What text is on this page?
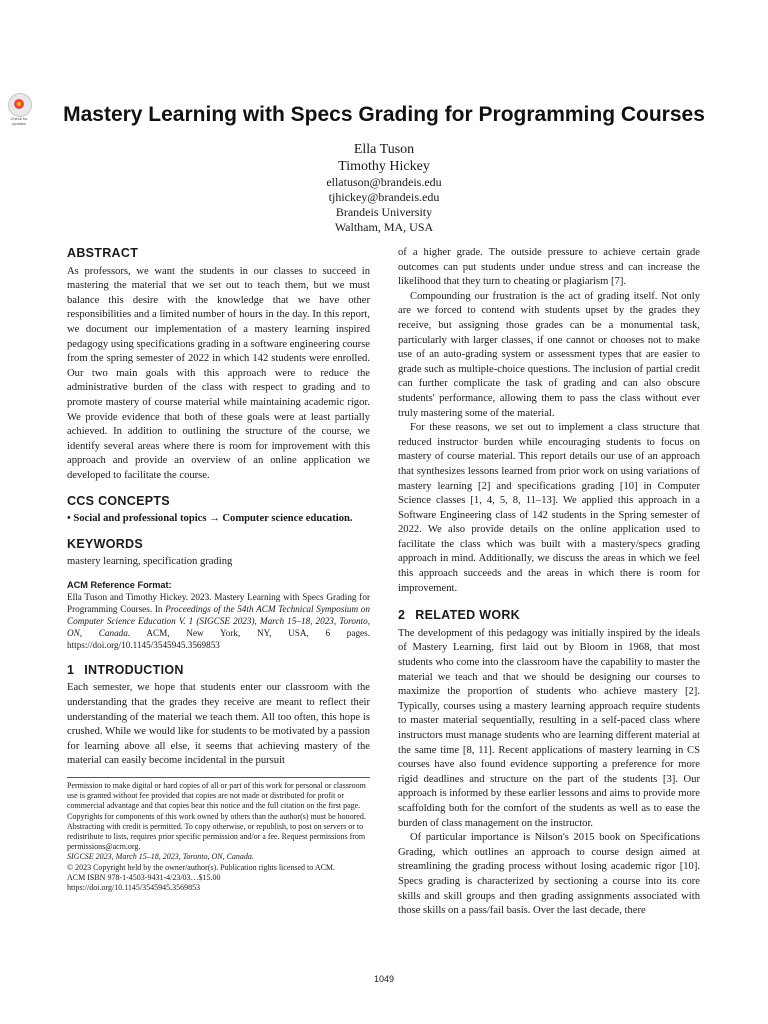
Check for updates	Mastery Learning with Specs Grading for Programming Courses
Ella Tuson
Timothy Hickey
ellatuson@brandeis.edu
tjhickey@brandeis.edu
Brandeis University
Waltham, MA, USA
ABSTRACT

As professors, we want the students in our classes to succeed in mastering the material that we set out to teach them, but we must balance this desire with the knowledge that we have other responsibilities and a limited number of hours in the day. In this report, we document our implementation of a mastery learning inspired pedagogy using specifications grading in a software engineering course from the spring semester of 2022 in which 142 students were enrolled. Our two main goals with this approach were to reduce the administrative burden of the class with respect to grading and to promote mastery of course material while maintaining academic rigor. We provide evidence that both of these goals were at least partially achieved. In addition to outlining the structure of the course, we identify several areas where there is room for improvement with this approach and provide an overview of an online application we developed to facilitate the course.

CCS CONCEPTS

• Social and professional topics → Computer science education.

KEYWORDS

mastery learning, specification grading

ACM Reference Format:

Ella Tuson and Timothy Hickey. 2023. Mastery Learning with Specs Grading for Programming Courses. In Proceedings of the 54th ACM Technical Symposium on Computer Science Education V. 1 (SIGCSE 2023), March 15–18, 2023, Toronto, ON, Canada. ACM, New York, NY, USA, 6 pages. https://doi.org/10.1145/3545945.3569853

1 INTRODUCTION

Each semester, we hope that students enter our classroom with the understanding that the grades they receive are meant to reflect their understanding of the material we teach them. All too often, this hope is crushed. While we would like for students to be motivated by a passion for learning above all else, it seems that achieving mastery of the material can easily become incidental in the pursuit

Permission to make digital or hard copies of all or part of this work for personal or classroom use is granted without fee provided that copies are not made or distributed for profit or commercial advantage and that copies bear this notice and the full citation on the first page. Copyrights for components of this work owned by others than the author(s) must be honored. Abstracting with credit is permitted. To copy otherwise, or republish, to post on servers or to redistribute to lists, requires prior specific permission and/or a fee. Request permissions from permissions@acm.org.
SIGCSE 2023, March 15–18, 2023, Toronto, ON, Canada.
© 2023 Copyright held by the owner/author(s). Publication rights licensed to ACM.
ACM ISBN 978-1-4503-9431-4/23/03…$15.00
https://doi.org/10.1145/3545945.3569853

of a higher grade. The outside pressure to achieve certain grade outcomes can put students under undue stress and can increase the likelihood that they turn to cheating or plagiarism [7].

Compounding our frustration is the act of grading itself. Not only are we forced to contend with students upset by the grades they receive, but assigning those grades can be a monumental task, particularly with larger classes, if one cannot or chooses not to make use of an auto-grading system or assessment types that are easier to grade such as multiple-choice questions. The inclusion of partial credit can further complicate the task of grading and can also obscure students' performance, allowing them to pass the class without ever truly mastering some of the material.

For these reasons, we set out to implement a class structure that reduced instructor burden while encouraging students to focus on mastery of course material. This report details our use of an approach that synthesizes lessons learned from prior work on using variations of mastery learning [2] and specifications grading [10] in Computer Science classes [1, 4, 5, 8, 11–13]. We applied this approach in a Software Engineering class of 142 students in the Spring semester of 2022. We also provide details on the online application used to facilitate the class which was built with a mastery/specs grading approach in mind. Additionally, we discuss the areas in which we feel this approach succeeds and the areas in which there is room for improvement.

2 RELATED WORK

The development of this pedagogy was initially inspired by the ideals of Mastery Learning, first laid out by Bloom in 1968, that most students who come into the classroom have the capability to master the material we teach and that we should be designing our courses to maximize the proportion of students who achieve mastery [2]. Typically, courses using a mastery learning approach require students to master material sequentially, resulting in a self-paced class where instructors must manage students who are learning different material at the same time [8, 11]. Recent applications of mastery learning in CS courses have also found evidence supporting a preference for more rigid deadlines and structure on the part of the students [3]. Our approach is informed by these earlier lessons and aims to provide more scaffolding both for the comfort of the students as well as to ease the burden of class management on the instructor.

Of particular importance is Nilson's 2015 book on Specifications Grading, which outlines an approach to course design aimed at streamlining the grading process without losing academic rigor [10]. Specs grading is characterized by sectioning a course into its core skills and skill groups and then grading assignments associated with those skills on a pass/fail basis. Over the last decade, there

1049
